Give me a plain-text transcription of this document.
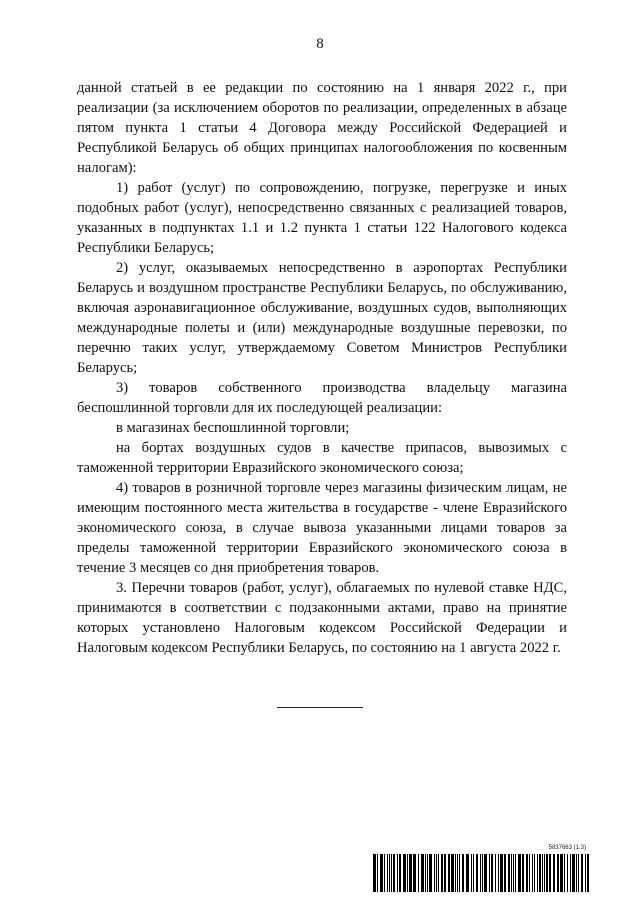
8

данной статьей в ее редакции по состоянию на 1 января 2022 г., при реализации (за исключением оборотов по реализации, определенных в абзаце пятом пункта 1 статьи 4 Договора между Российской Федерацией и Республикой Беларусь об общих принципах налогообложения по косвенным налогам):

1) работ (услуг) по сопровождению, погрузке, перегрузке и иных подобных работ (услуг), непосредственно связанных с реализацией товаров, указанных в подпунктах 1.1 и 1.2 пункта 1 статьи 122 Налогового кодекса Республики Беларусь;

2) услуг, оказываемых непосредственно в аэропортах Республики Беларусь и воздушном пространстве Республики Беларусь, по обслуживанию, включая аэронавигационное обслуживание, воздушных судов, выполняющих международные полеты и (или) международные воздушные перевозки, по перечню таких услуг, утверждаемому Советом Министров Республики Беларусь;

3) товаров собственного производства владельцу магазина беспошлинной торговли для их последующей реализации:

в магазинах беспошлинной торговли;

на бортах воздушных судов в качестве припасов, вывозимых с таможенной территории Евразийского экономического союза;

4) товаров в розничной торговле через магазины физическим лицам, не имеющим постоянного места жительства в государстве - члене Евразийского экономического союза, в случае вывоза указанными лицами товаров за пределы таможенной территории Евразийского экономического союза в течение 3 месяцев со дня приобретения товаров.

3. Перечни товаров (работ, услуг), облагаемых по нулевой ставке НДС, принимаются в соответствии с подзаконными актами, право на принятие которых установлено Налоговым кодексом Российской Федерации и Налоговым кодексом Республики Беларусь, по состоянию на 1 августа 2022 г.

5837663 (1.3)
